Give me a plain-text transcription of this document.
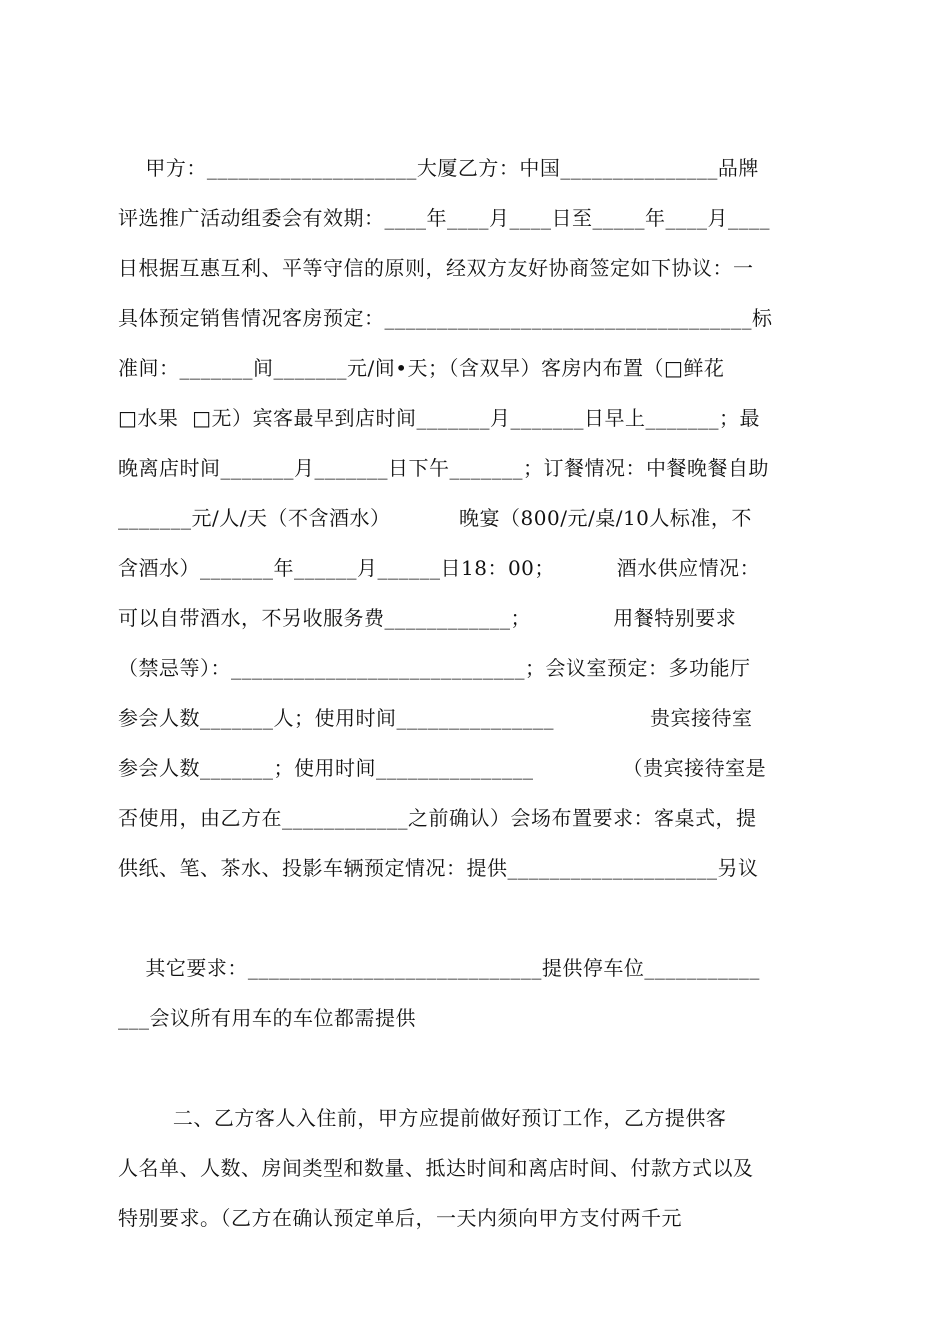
甲方：____________________大厦乙方：中国_______________品牌
评选推广活动组委会有效期：____年____月____日至_____年____月____
日根据互惠互利、平等守信的原则，经双方友好协商签定如下协议：一
具体预定销售情况客房预定：___________________________________标
准间：_______间_______元/间•天；（含双早）客房内布置（□鲜花
□水果  □无）宾客最早到店时间_______月_______日早上_______；最
晚离店时间_______月_______日下午_______；订餐情况：中餐晚餐自助
_______元/人/天（不含酒水）          晚宴（800/元/桌/10人标准，不
含酒水）_______年______月______日18：00；         酒水供应情况：
可以自带酒水，不另收服务费____________；            用餐特别要求
（禁忌等）：____________________________；会议室预定：多功能厅
参会人数_______人；使用时间_______________              贵宾接待室
参会人数_______；使用时间_______________             （贵宾接待室是
否使用，由乙方在____________之前确认）会场布置要求：客桌式，提
供纸、笔、茶水、投影车辆预定情况：提供____________________另议
其它要求：____________________________提供停车位___________
___会议所有用车的车位都需提供
二、乙方客人入住前，甲方应提前做好预订工作，乙方提供客
人名单、人数、房间类型和数量、抵达时间和离店时间、付款方式以及
特别要求。（乙方在确认预定单后，一天内须向甲方支付两千元
